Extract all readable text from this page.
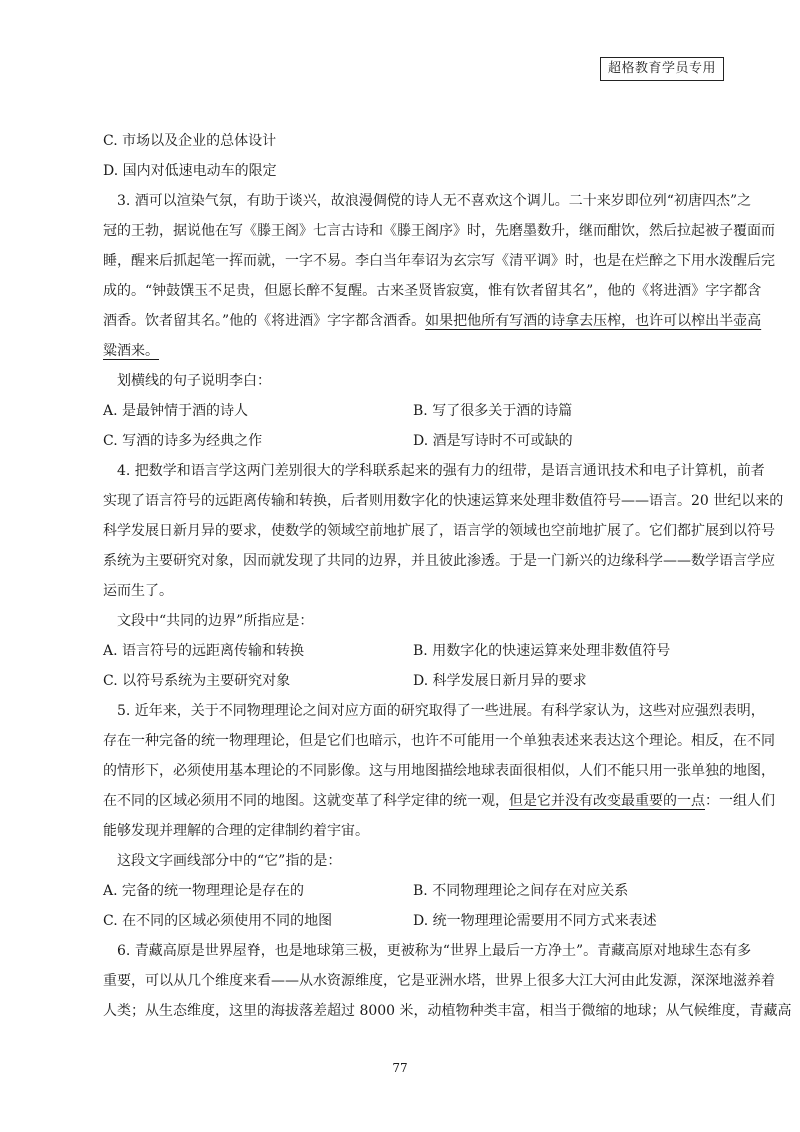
超格教育学员专用
C. 市场以及企业的总体设计
D. 国内对低速电动车的限定
3. 酒可以渲染气氛，有助于谈兴，故浪漫倜傥的诗人无不喜欢这个调儿。二十来岁即位列“初唐四杰”之
冠的王勃，据说他在写《滕王阁》七言古诗和《滕王阁序》时，先磨墨数升，继而酣饮，然后拉起被子覆面而
睡，醒来后抓起笔一挥而就，一字不易。李白当年奉诏为玄宗写《清平调》时，也是在烂醉之下用水泼醒后完
成的。“钟鼓馔玉不足贵，但愿长醉不复醒。古来圣贤皆寂寞，惟有饮者留其名”，他的《将进酒》字字都含
酒香。饮者留其名。”他的《将进酒》字字都含酒香。如果把他所有写酒的诗拿去压榨，也许可以榨出半壶高
粱酒来。
划横线的句子说明李白：
A. 是最钟情于酒的诗人	B. 写了很多关于酒的诗篇
C. 写酒的诗多为经典之作	D. 酒是写诗时不可或缺的
4. 把数学和语言学这两门差别很大的学科联系起来的强有力的纽带，是语言通讯技术和电子计算机，前者
实现了语言符号的远距离传输和转换，后者则用数字化的快速运算来处理非数值符号——语言。20 世纪以来的
科学发展日新月异的要求，使数学的领域空前地扩展了，语言学的领域也空前地扩展了。它们都扩展到以符号
系统为主要研究对象，因而就发现了共同的边界，并且彼此渗透。于是一门新兴的边缘科学——数学语言学应
运而生了。
文段中“共同的边界”所指应是：
A. 语言符号的远距离传输和转换	B. 用数字化的快速运算来处理非数值符号
C. 以符号系统为主要研究对象	D. 科学发展日新月异的要求
5. 近年来，关于不同物理理论之间对应方面的研究取得了一些进展。有科学家认为，这些对应强烈表明，
存在一种完备的统一物理理论，但是它们也暗示，也许不可能用一个单独表述来表达这个理论。相反，在不同
的情形下，必须使用基本理论的不同影像。这与用地图描绘地球表面很相似，人们不能只用一张单独的地图，
在不同的区域必须用不同的地图。这就变革了科学定律的统一观，但是它并没有改变最重要的一点：一组人们
能够发现并理解的合理的定律制约着宇宙。
这段文字画线部分中的“它”指的是：
A. 完备的统一物理理论是存在的	B. 不同物理理论之间存在对应关系
C. 在不同的区域必须使用不同的地图	D. 统一物理理论需要用不同方式来表述
6. 青藏高原是世界屋脊，也是地球第三极，更被称为“世界上最后一方净土”。青藏高原对地球生态有多
重要，可以从几个维度来看——从水资源维度，它是亚洲水塔，世界上很多大江大河由此发源，深深地滋养着
人类；从生态维度，这里的海拔落差超过 8000 米，动植物种类丰富，相当于微缩的地球；从气候维度，青藏高
77
